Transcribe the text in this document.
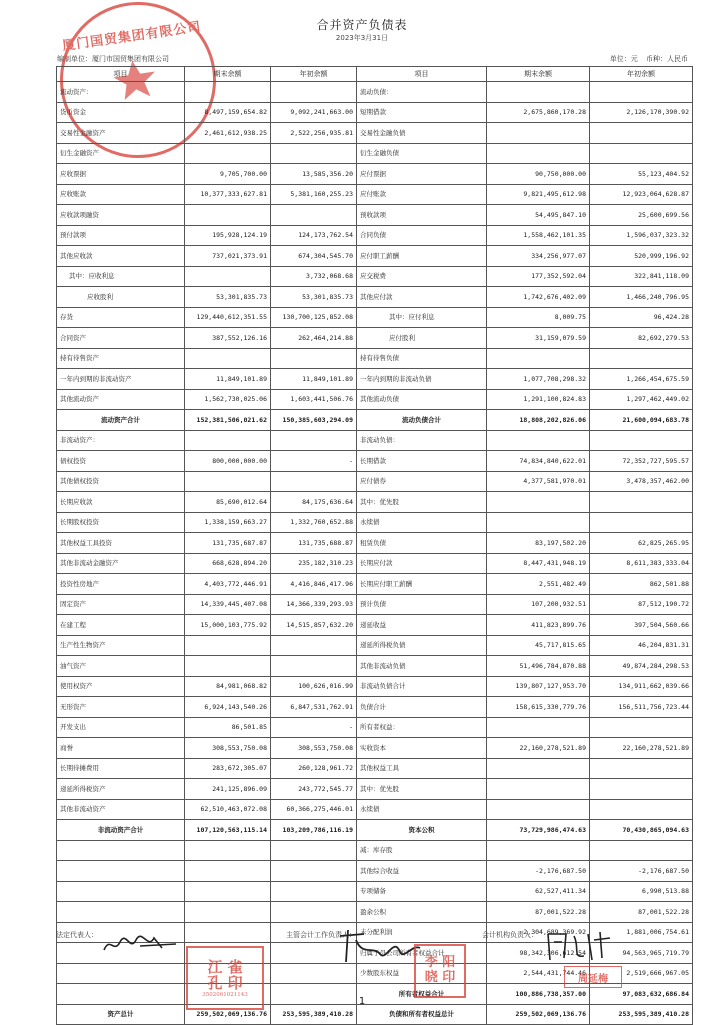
合并资产负债表
2023年3月31日
编制单位：厦门市国贸集团有限公司	单位：元 币种：人民币
厦门国贸集团有限公司
项目	期末余额	年初余额	项目	期末余额	年初余额
流动资产：			流动负债：		
货币资金	8,497,159,654.82	9,092,241,663.00	短期借款	2,675,860,170.28	2,126,170,390.92
交易性金融资产	2,461,612,938.25	2,522,256,935.81	交易性金融负债		
衍生金融资产			衍生金融负债		
应收票据	9,705,700.00	13,585,356.20	应付票据	90,750,000.00	55,123,404.52
应收账款	10,377,333,627.81	5,381,160,255.23	应付账款	9,821,495,612.98	12,923,064,628.87
应收款项融资			预收款项	54,495,847.10	25,600,699.56
预付款项	195,928,124.19	124,173,762.54	合同负债	1,558,462,101.35	1,596,037,323.32
其他应收款	737,021,373.91	674,304,545.70	应付职工薪酬	334,256,977.07	520,999,196.92
其中：应收利息		3,732,068.68	应交税费	177,352,592.04	322,841,118.09
应收股利	53,301,835.73	53,301,835.73	其他应付款	1,742,676,402.09	1,466,240,796.95
存货	129,440,612,351.55	130,700,125,852.08	其中：应付利息	8,009.75	96,424.28
合同资产	387,552,126.16	262,464,214.88	应付股利	31,159,079.59	82,692,279.53
持有待售资产			持有待售负债		
一年内到期的非流动资产	11,849,101.89	11,849,101.89	一年内到期的非流动负债	1,077,708,298.32	1,266,454,675.59
其他流动资产	1,562,730,025.06	1,603,441,506.76	其他流动负债	1,291,100,824.83	1,297,462,449.02
流动资产合计	152,381,506,021.62	150,385,603,294.09	流动负债合计	18,808,202,826.06	21,600,094,683.78
非流动资产：			非流动负债：		
债权投资	800,000,000.00	-	长期借款	74,834,840,622.01	72,352,727,595.57
其他债权投资			应付债券	4,377,581,970.01	3,478,357,462.00
长期应收款	85,690,012.64	84,175,636.64	其中：优先股		
长期股权投资	1,338,159,663.27	1,332,760,652.88	永续债		
其他权益工具投资	131,735,687.87	131,735,688.87	租赁负债	83,197,502.20	62,825,265.95
其他非流动金融资产	668,628,894.20	235,182,310.23	长期应付款	8,447,431,948.19	8,611,383,333.04
投资性房地产	4,403,772,446.91	4,416,846,417.96	长期应付职工薪酬	2,551,482.49	862,501.88
固定资产	14,339,445,407.08	14,366,339,293.93	预计负债	107,200,932.51	87,512,190.72
在建工程	15,000,103,775.92	14,515,857,632.20	递延收益	411,823,899.76	397,504,560.66
生产性生物资产			递延所得税负债	45,717,815.65	46,204,831.31
油气资产			其他非流动负债	51,496,784,870.88	49,874,284,298.53
使用权资产	84,981,068.82	100,626,016.99	非流动负债合计	139,807,127,953.70	134,911,662,039.66
无形资产	6,924,143,540.26	6,847,531,762.91	负债合计	158,615,330,779.76	156,511,756,723.44
开发支出	86,501.85	-	所有者权益：		
商誉	308,553,750.08	308,553,750.08	实收资本	22,160,278,521.89	22,160,278,521.89
长期待摊费用	283,672,305.07	260,128,961.72	其他权益工具		
递延所得税资产	241,125,896.09	243,772,545.77	其中：优先股		
其他非流动资产	62,510,463,072.08	60,366,275,446.01	永续债		
非流动资产合计	107,120,563,115.14	103,209,786,116.19	资本公积	73,729,986,474.63	70,430,865,094.63
			减：库存股		
			其他综合收益	-2,176,687.50	-2,176,687.50
			专项储备	62,527,411.34	6,990,513.88
			盈余公积	87,001,522.28	87,001,522.28
			未分配利润	2,304,689,369.92	1,881,006,754.61
			归属于母公司所有者权益合计	98,342,306,612.54	94,563,965,719.79
			少数股东权益	2,544,431,744.46	2,519,666,967.05
			所有者权益合计	100,886,738,357.00	97,083,632,686.84
资产总计	259,502,069,136.76	253,595,389,410.28	负债和所有者权益总计	259,502,069,136.76	253,595,389,410.28
法定代表人：	主管会计工作负责人：	会计机构负责人：
江 雀 孔 印
3502061021143
李 阳 晓 印	周延梅
1
